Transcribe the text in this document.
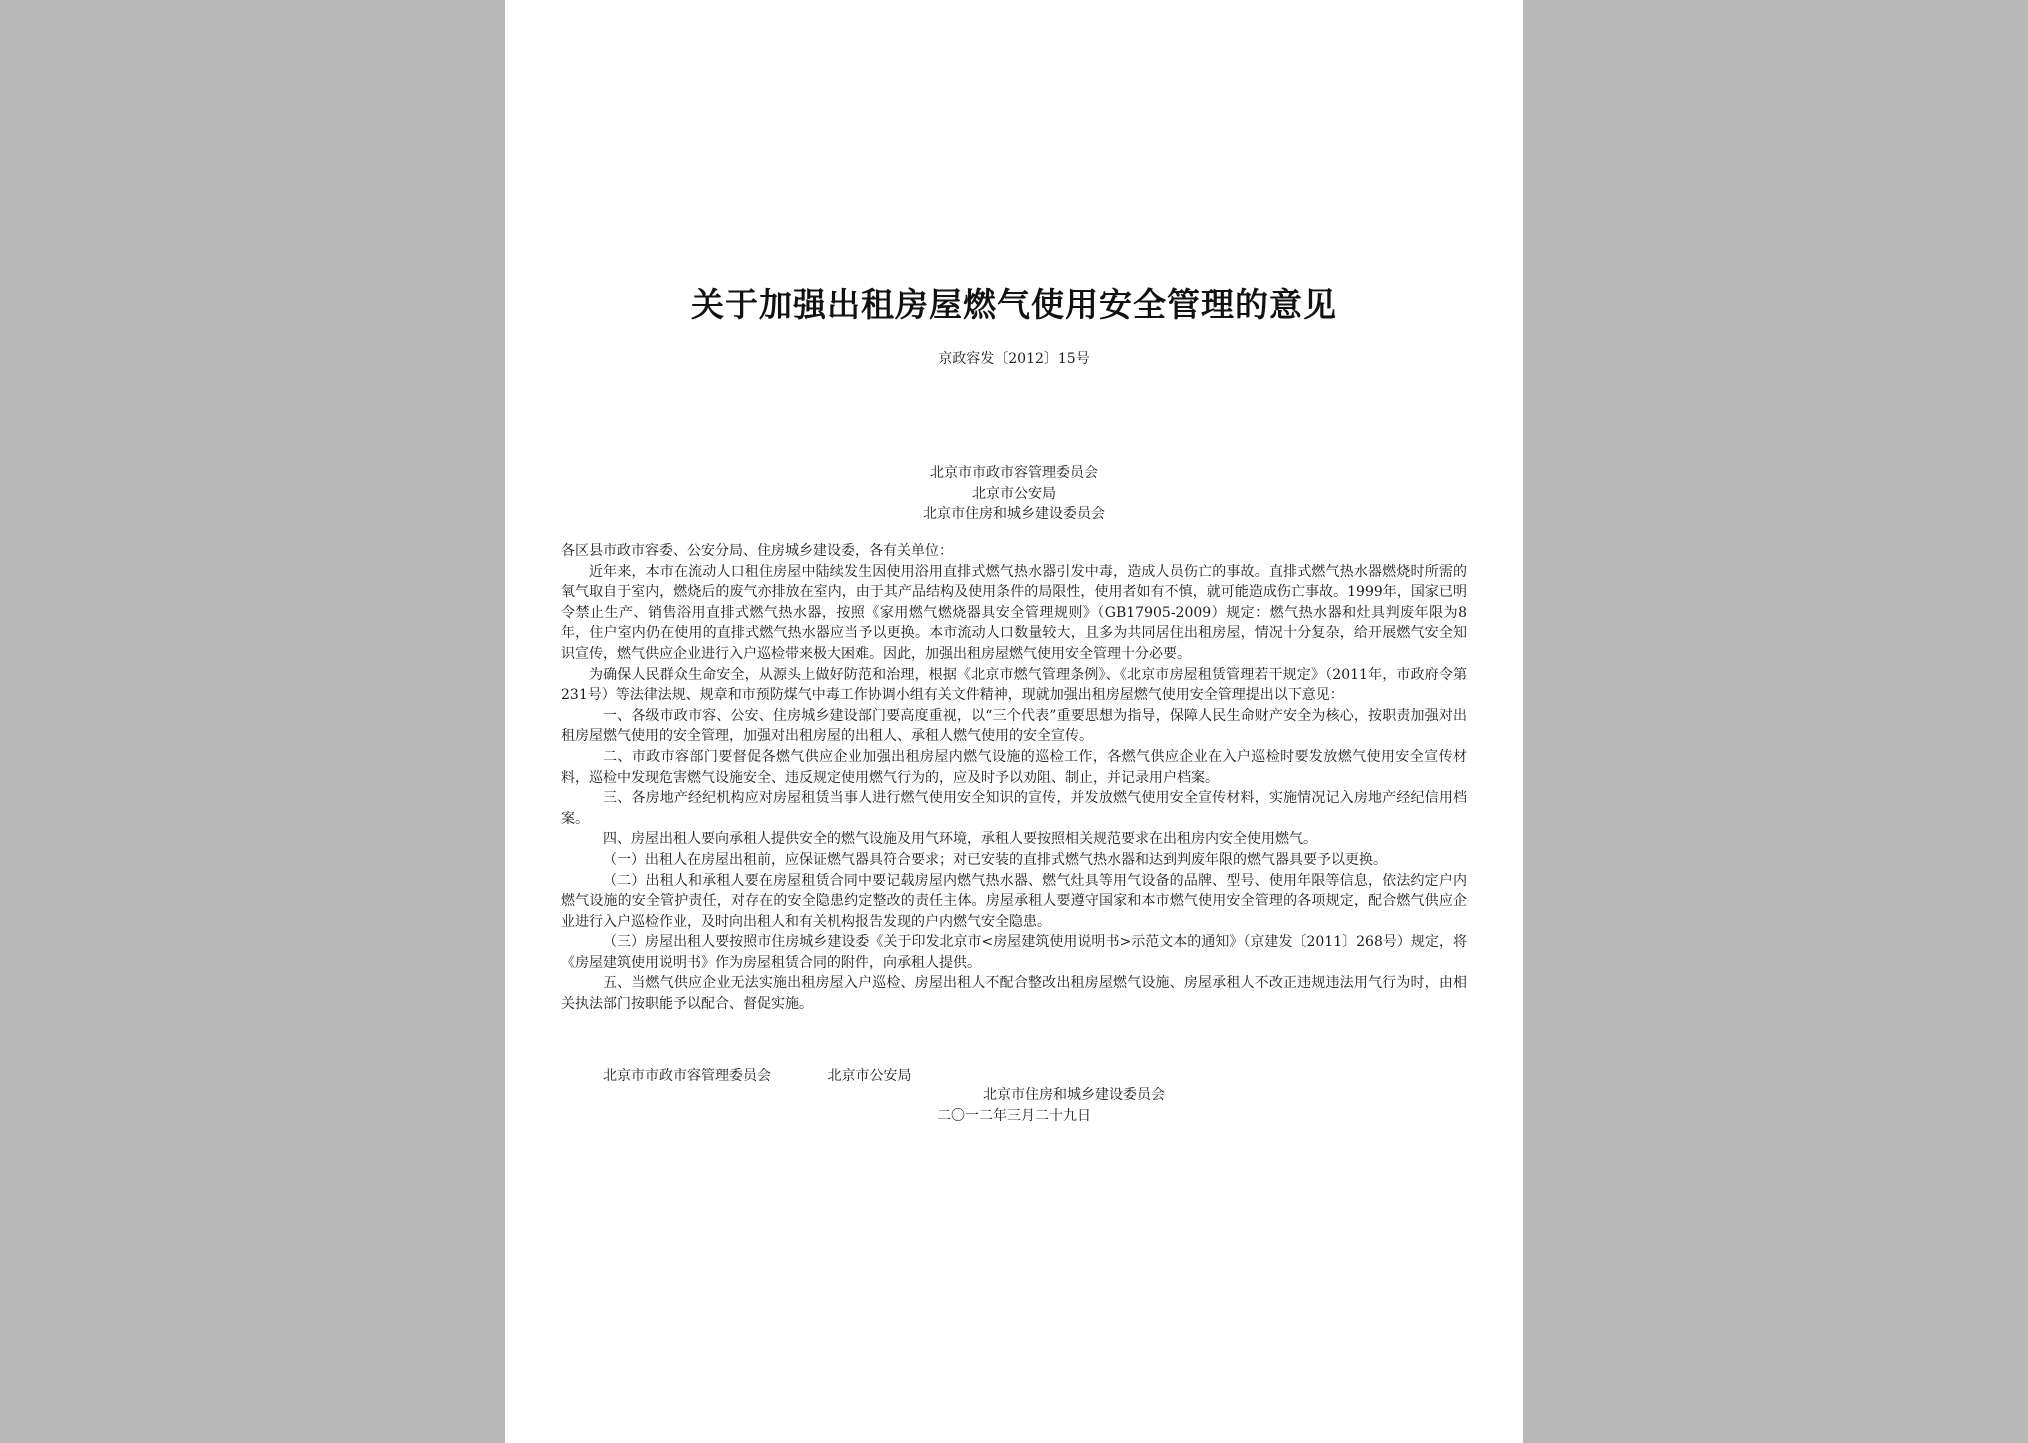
关于加强出租房屋燃气使用安全管理的意见
京政容发〔2012〕15号
北京市市政市容管理委员会
北京市公安局
北京市住房和城乡建设委员会

各区县市政市容委、公安分局、住房城乡建设委，各有关单位：

近年来，本市在流动人口租住房屋中陆续发生因使用浴用直排式燃气热水器引发中毒，造成人员伤亡的事故。直排式燃气热水器燃烧时所需的氧气取自于室内，燃烧后的废气亦排放在室内，由于其产品结构及使用条件的局限性，使用者如有不慎，就可能造成伤亡事故。1999年，国家已明令禁止生产、销售浴用直排式燃气热水器，按照《家用燃气燃烧器具安全管理规则》（GB17905-2009）规定：燃气热水器和灶具判废年限为8年，住户室内仍在使用的直排式燃气热水器应当予以更换。本市流动人口数量较大，且多为共同居住出租房屋，情况十分复杂，给开展燃气安全知识宣传，燃气供应企业进行入户巡检带来极大困难。因此，加强出租房屋燃气使用安全管理十分必要。

为确保人民群众生命安全，从源头上做好防范和治理，根据《北京市燃气管理条例》、《北京市房屋租赁管理若干规定》（2011年，市政府令第231号）等法律法规、规章和市预防煤气中毒工作协调小组有关文件精神，现就加强出租房屋燃气使用安全管理提出以下意见：

一、各级市政市容、公安、住房城乡建设部门要高度重视，以“三个代表”重要思想为指导，保障人民生命财产安全为核心，按职责加强对出租房屋燃气使用的安全管理，加强对出租房屋的出租人、承租人燃气使用的安全宣传。

二、市政市容部门要督促各燃气供应企业加强出租房屋内燃气设施的巡检工作，各燃气供应企业在入户巡检时要发放燃气使用安全宣传材料，巡检中发现危害燃气设施安全、违反规定使用燃气行为的，应及时予以劝阻、制止，并记录用户档案。

三、各房地产经纪机构应对房屋租赁当事人进行燃气使用安全知识的宣传，并发放燃气使用安全宣传材料，实施情况记入房地产经纪信用档案。

四、房屋出租人要向承租人提供安全的燃气设施及用气环境，承租人要按照相关规范要求在出租房内安全使用燃气。

（一）出租人在房屋出租前，应保证燃气器具符合要求；对已安装的直排式燃气热水器和达到判废年限的燃气器具要予以更换。

（二）出租人和承租人要在房屋租赁合同中要记载房屋内燃气热水器、燃气灶具等用气设备的品牌、型号、使用年限等信息，依法约定户内燃气设施的安全管护责任，对存在的安全隐患约定整改的责任主体。房屋承租人要遵守国家和本市燃气使用安全管理的各项规定，配合燃气供应企业进行入户巡检作业，及时向出租人和有关机构报告发现的户内燃气安全隐患。

（三）房屋出租人要按照市住房城乡建设委《关于印发北京市<房屋建筑使用说明书>示范文本的通知》（京建发〔2011〕268号）规定，将《房屋建筑使用说明书》作为房屋租赁合同的附件，向承租人提供。

五、当燃气供应企业无法实施出租房屋入户巡检、房屋出租人不配合整改出租房屋燃气设施、房屋承租人不改正违规违法用气行为时，由相关执法部门按职能予以配合、督促实施。

北京市市政市容管理委员会	北京市公安局
北京市住房和城乡建设委员会
二〇一二年三月二十九日
